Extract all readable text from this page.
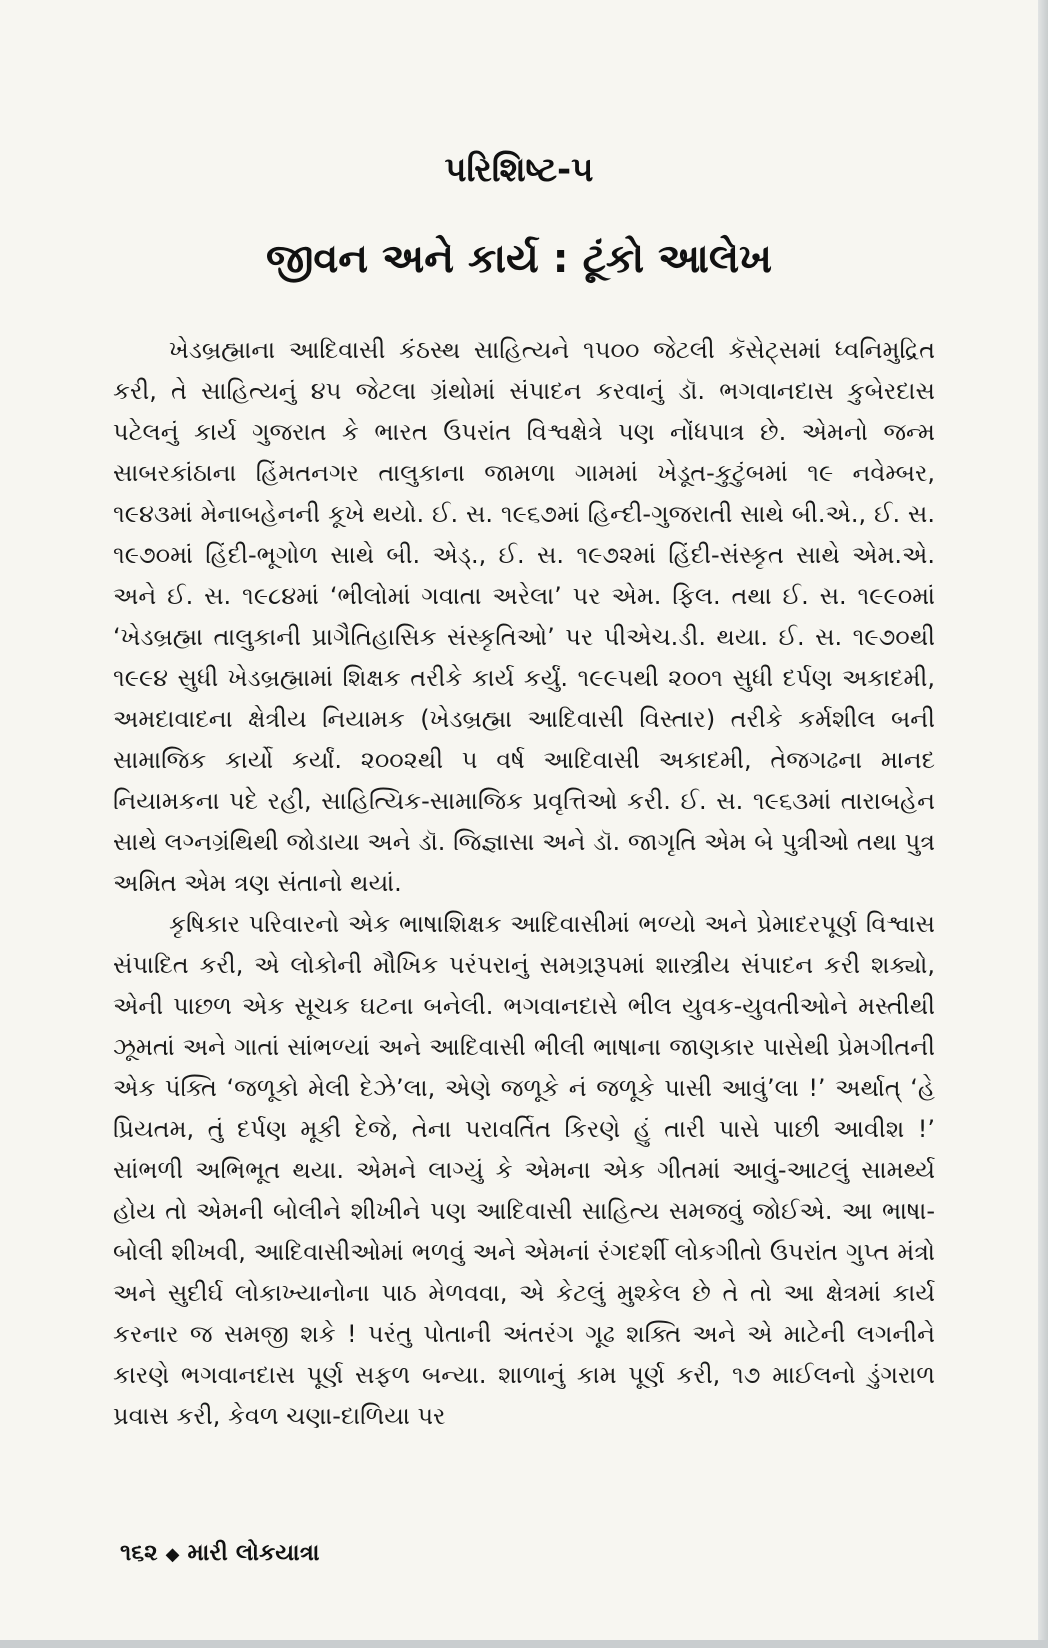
પરિશિષ્ટ-૫
જીવન અને કાર્ય : ટૂંકો આલેખ

ખેડબ્રહ્માના આદિવાસી કંઠસ્થ સાહિત્યને ૧૫૦૦ જેટલી કૅસેટ્સમાં ધ્વનિમુદ્રિત કરી, તે સાહિત્યનું ૪૫ જેટલા ગ્રંથોમાં સંપાદન કરવાનું ડૉ. ભગવાનદાસ કુબેરદાસ પટેલનું કાર્ય ગુજરાત કે ભારત ઉપરાંત વિશ્વક્ષેત્રે પણ નોંધપાત્ર છે. એમનો જન્મ સાબરકાંઠાના હિંમતનગર તાલુકાના જામળા ગામમાં ખેડૂત-કુટુંબમાં ૧૯ નવેમ્બર, ૧૯૪૩માં મેનાબહેનની કૂખે થયો. ઈ. સ. ૧૯૬૭માં હિન્દી-ગુજરાતી સાથે બી.એ., ઈ. સ. ૧૯૭૦માં હિંદી-ભૂગોળ સાથે બી. એડ્., ઈ. સ. ૧૯૭૨માં હિંદી-સંસ્કૃત સાથે એમ.એ. અને ઈ. સ. ૧૯૮૪માં ‘ભીલોમાં ગવાતા અરેલા’ પર એમ. ફિલ. તથા ઈ. સ. ૧૯૯૦માં ‘ખેડબ્રહ્મા તાલુકાની પ્રાગૈતિહાસિક સંસ્કૃતિઓ’ પર પીએચ.ડી. થયા. ઈ. સ. ૧૯૭૦થી ૧૯૯૪ સુધી ખેડબ્રહ્મામાં શિક્ષક તરીકે કાર્ય કર્યું. ૧૯૯૫થી ૨૦૦૧ સુધી દર્પણ અકાદમી, અમદાવાદના ક્ષેત્રીય નિયામક (ખેડબ્રહ્મા આદિવાસી વિસ્તાર) તરીકે કર્મશીલ બની સામાજિક કાર્યો કર્યાં. ૨૦૦૨થી ૫ વર્ષ આદિવાસી અકાદમી, તેજગઢના માનદ નિયામકના પદે રહી, સાહિત્યિક-સામાજિક પ્રવૃત્તિઓ કરી. ઈ. સ. ૧૯૬૩માં તારાબહેન સાથે લગ્નગ્રંથિથી જોડાયા અને ડૉ. જિજ્ઞાસા અને ડૉ. જાગૃતિ એમ બે પુત્રીઓ તથા પુત્ર અમિત એમ ત્રણ સંતાનો થયાં.

કૃષિકાર પરિવારનો એક ભાષાશિક્ષક આદિવાસીમાં ભળ્યો અને પ્રેમાદરપૂર્ણ વિશ્વાસ સંપાદિત કરી, એ લોકોની મૌખિક પરંપરાનું સમગ્રરૂપમાં શાસ્ત્રીય સંપાદન કરી શક્યો, એની પાછળ એક સૂચક ઘટના બનેલી. ભગવાનદાસે ભીલ યુવક-યુવતીઓને મસ્તીથી ઝૂમતાં અને ગાતાં સાંભળ્યાં અને આદિવાસી ભીલી ભાષાના જાણકાર પાસેથી પ્રેમગીતની એક પંક્તિ ‘જળૂકો મેલી દેઝે’લા, એણે જળૂકે નં જળૂકે પાસી આવું’લા !’ અર્થાત્ ‘હે પ્રિયતમ, તું દર્પણ મૂકી દેજે, તેના પરાવર્તિત કિરણે હું તારી પાસે પાછી આવીશ !’ સાંભળી અભિભૂત થયા. એમને લાગ્યું કે એમના એક ગીતમાં આવું-આટલું સામર્થ્ય હોય તો એમની બોલીને શીખીને પણ આદિવાસી સાહિત્ય સમજવું જોઈએ. આ ભાષા-બોલી શીખવી, આદિવાસીઓમાં ભળવું અને એમનાં રંગદર્શી લોકગીતો ઉપરાંત ગુપ્ત મંત્રો અને સુદીર્ઘ લોકાખ્યાનોના પાઠ મેળવવા, એ કેટલું મુશ્કેલ છે તે તો આ ક્ષેત્રમાં કાર્ય કરનાર જ સમજી શકે ! પરંતુ પોતાની અંતરંગ ગૂઢ શક્તિ અને એ માટેની લગનીને કારણે ભગવાનદાસ પૂર્ણ સફળ બન્યા. શાળાનું કામ પૂર્ણ કરી, ૧૭ માઈલનો ડુંગરાળ પ્રવાસ કરી, કેવળ ચણા-દાળિયા પર

૧૬૨ ◆ મારી લોકયાત્રા
